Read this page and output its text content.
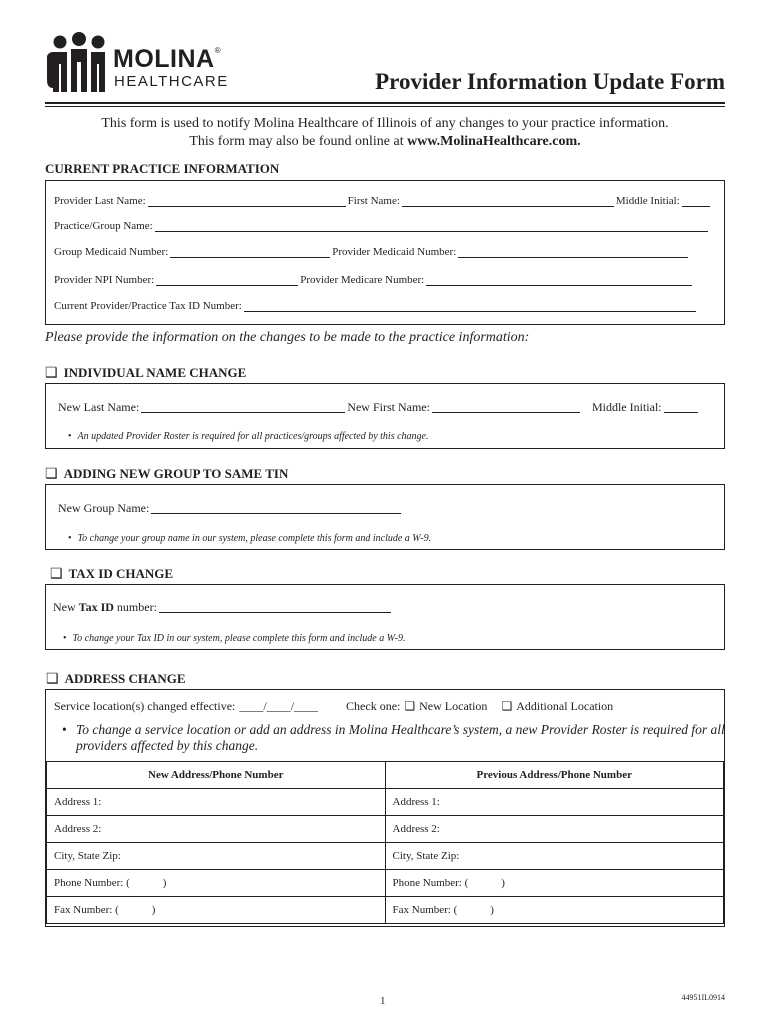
MOLINA®
HEALTHCARE	Provider Information Update Form
This form is used to notify Molina Healthcare of Illinois of any changes to your practice information.
This form may also be found online at www.MolinaHealthcare.com.
CURRENT PRACTICE INFORMATION
Provider Last Name:	First Name:	Middle Initial:
Practice/Group Name:
Group Medicaid Number:	Provider Medicaid Number:
Provider NPI Number:	Provider Medicare Number:
Current Provider/Practice Tax ID Number:
Please provide the information on the changes to be made to the practice information:
❑ INDIVIDUAL NAME CHANGE
New Last Name:	New First Name:	Middle Initial:
• An updated Provider Roster is required for all practices/groups affected by this change.
❑ ADDING NEW GROUP TO SAME TIN
New Group Name:
• To change your group name in our system, please complete this form and include a W-9.
❑ TAX ID CHANGE
New Tax ID number:
• To change your Tax ID in our system, please complete this form and include a W-9.
❑ ADDRESS CHANGE
Service location(s) changed effective: ____/____/____ Check one: ❑ New Location ❑ Additional Location
• To change a service location or add an address in Molina Healthcare’s system, a new Provider Roster is required for all providers affected by this change.
New Address/Phone Number	Previous Address/Phone Number
Address 1:	Address 1:
Address 2:	Address 2:
City, State Zip:	City, State Zip:
Phone Number: (            )	Phone Number: (            )
Fax Number: (            )	Fax Number: (            )
1	44951IL0914
